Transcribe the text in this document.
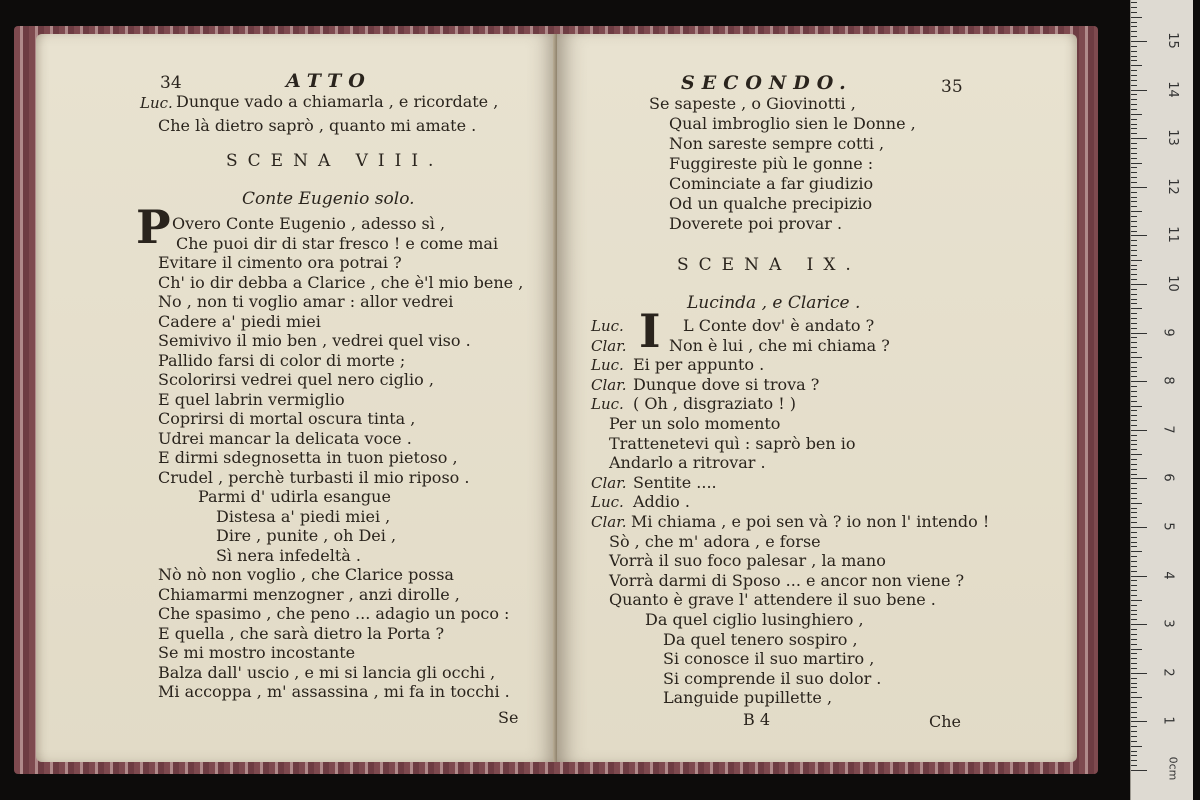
34	ATTO
Luc. Dunque vado a chiamarla , e ricordate ,
Che là dietro saprò , quanto mi amate .
SCENA VIII.
Conte Eugenio solo.
P Overo Conte Eugenio , adesso sì ,
Che puoi dir di star fresco ! e come mai
Evitare il cimento ora potrai ?
Ch' io dir debba a Clarice , che è'l mio bene ,
No , non ti voglio amar : allor vedrei
Cadere a' piedi miei
Semivivo il mio ben , vedrei quel viso .
Pallido farsi di color di morte ;
Scolorirsi vedrei quel nero ciglio ,
E quel labrin vermiglio
Coprirsi di mortal oscura tinta ,
Udrei mancar la delicata voce .
E dirmi sdegnosetta in tuon pietoso ,
Crudel , perchè turbasti il mio riposo .
Parmi d' udirla esangue
Distesa a' piedi miei ,
Dire , punite , oh Dei ,
Sì nera infedeltà .
Nò nò non voglio , che Clarice possa
Chiamarmi menzogner , anzi dirolle ,
Che spasimo , che peno ... adagio un poco :
E quella , che sarà dietro la Porta ?
Se mi mostro incostante
Balza dall' uscio , e mi si lancia gli occhi ,
Mi accoppa , m' assassina , mi fa in tocchi .
Se
SECONDO.	35
Se sapeste , o Giovinotti ,
Qual imbroglio sien le Donne ,
Non sareste sempre cotti ,
Fuggireste più le gonne :
Cominciate a far giudizio
Od un qualche precipizio
Doverete poi provar .
SCENA IX.
Lucinda , e Clarice .
I
Luc.	L Conte dov' è andato ?
Clar.	Non è lui , che mi chiama ?
Luc. Ei per appunto .
Clar. Dunque dove si trova ?
Luc. ( Oh , disgraziato ! )
Per un solo momento
Trattenetevi quì : saprò ben io
Andarlo a ritrovar .
Clar. Sentite ....
Luc. Addio .
Clar. Mi chiama , e poi sen và ? io non l' intendo !
Sò , che m' adora , e forse
Vorrà il suo foco palesar , la mano
Vorrà darmi di Sposo ... e ancor non viene ?
Quanto è grave l' attendere il suo bene .
Da quel ciglio lusinghiero ,
Da quel tenero sospiro ,
Si conosce il suo martiro ,
Si comprende il suo dolor .
Languide pupillette ,
B 4	Che
0cm
1
2
3
4
5
6
7
8
9
10
11
12
13
14
15
